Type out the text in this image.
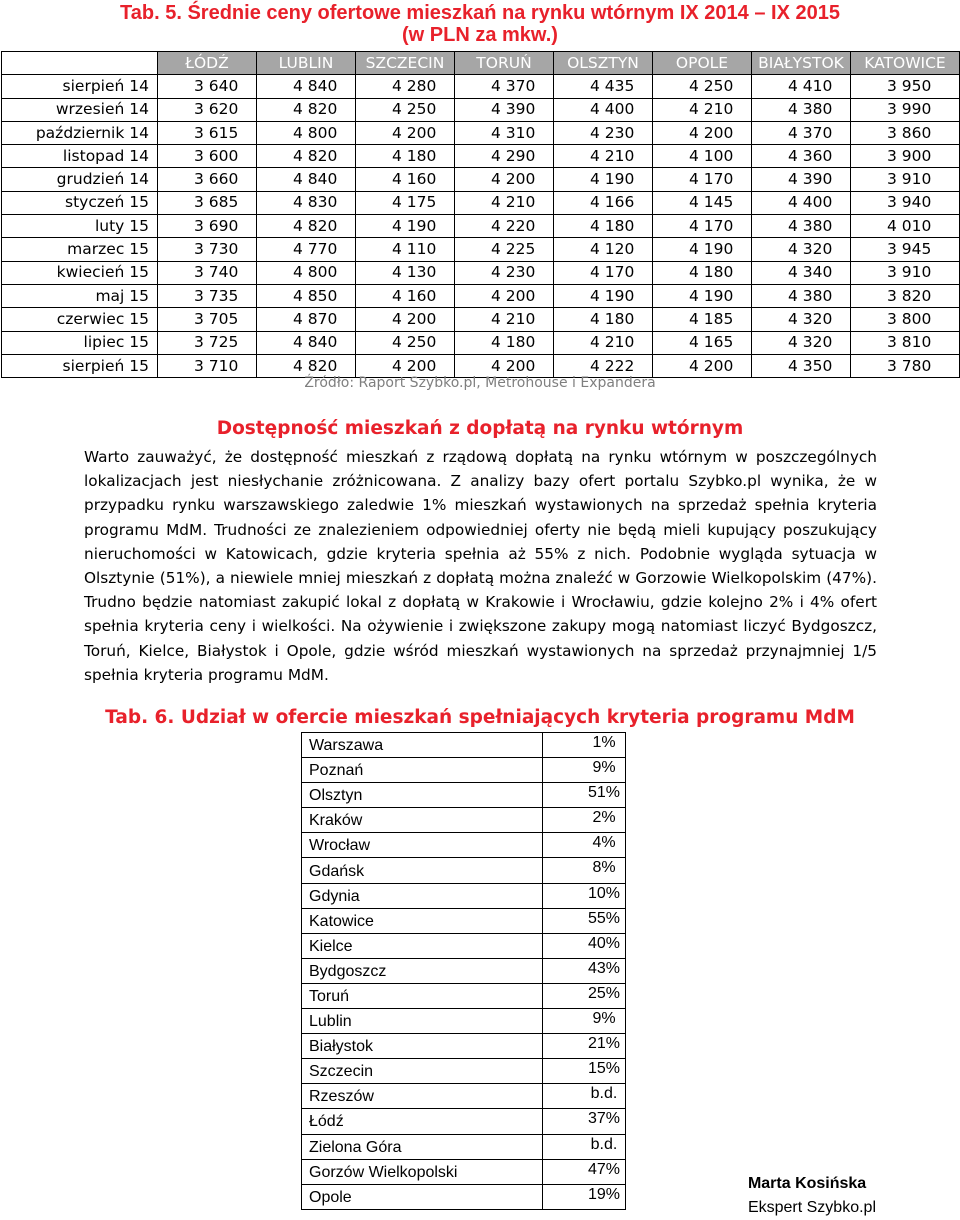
Tab. 5. Średnie ceny ofertowe mieszkań na rynku wtórnym IX 2014 – IX 2015
(w PLN za mkw.)
	ŁÓDŹ	LUBLIN	SZCZECIN	TORUŃ	OLSZTYN	OPOLE	BIAŁYSTOK	KATOWICE
sierpień 14	3 640	4 840	4 280	4 370	4 435	4 250	4 410	3 950
wrzesień 14	3 620	4 820	4 250	4 390	4 400	4 210	4 380	3 990
październik 14	3 615	4 800	4 200	4 310	4 230	4 200	4 370	3 860
listopad 14	3 600	4 820	4 180	4 290	4 210	4 100	4 360	3 900
grudzień 14	3 660	4 840	4 160	4 200	4 190	4 170	4 390	3 910
styczeń 15	3 685	4 830	4 175	4 210	4 166	4 145	4 400	3 940
luty 15	3 690	4 820	4 190	4 220	4 180	4 170	4 380	4 010
marzec 15	3 730	4 770	4 110	4 225	4 120	4 190	4 320	3 945
kwiecień 15	3 740	4 800	4 130	4 230	4 170	4 180	4 340	3 910
maj 15	3 735	4 850	4 160	4 200	4 190	4 190	4 380	3 820
czerwiec 15	3 705	4 870	4 200	4 210	4 180	4 185	4 320	3 800
lipiec 15	3 725	4 840	4 250	4 180	4 210	4 165	4 320	3 810
sierpień 15	3 710	4 820	4 200	4 200	4 222	4 200	4 350	3 780
Źródło: Raport Szybko.pl, Metrohouse i Expandera
Dostępność mieszkań z dopłatą na rynku wtórnym

Warto zauważyć, że dostępność mieszkań z rządową dopłatą na rynku wtórnym w poszczególnych lokalizacjach jest niesłychanie zróżnicowana. Z analizy bazy ofert portalu Szybko.pl wynika, że w przypadku rynku warszawskiego zaledwie 1% mieszkań wystawionych na sprzedaż spełnia kryteria programu MdM. Trudności ze znalezieniem odpowiedniej oferty nie będą mieli kupujący poszukujący nieruchomości w Katowicach, gdzie kryteria spełnia aż 55% z nich. Podobnie wygląda sytuacja w Olsztynie (51%), a niewiele mniej mieszkań z dopłatą można znaleźć w Gorzowie Wielkopolskim (47%). Trudno będzie natomiast zakupić lokal z dopłatą w Krakowie i Wrocławiu, gdzie kolejno 2% i 4% ofert spełnia kryteria ceny i wielkości. Na ożywienie i zwiększone zakupy mogą natomiast liczyć Bydgoszcz, Toruń, Kielce, Białystok i Opole, gdzie wśród mieszkań wystawionych na sprzedaż przynajmniej 1/5 spełnia kryteria programu MdM.

Tab. 6. Udział w ofercie mieszkań spełniających kryteria programu MdM
Warszawa	1%
Poznań	9%
Olsztyn	51%
Kraków	2%
Wrocław	4%
Gdańsk	8%
Gdynia	10%
Katowice	55%
Kielce	40%
Bydgoszcz	43%
Toruń	25%
Lublin	9%
Białystok	21%
Szczecin	15%
Rzeszów	b.d.
Łódź	37%
Zielona Góra	b.d.
Gorzów Wielkopolski	47%
Opole	19%
Marta Kosińska
Ekspert Szybko.pl
